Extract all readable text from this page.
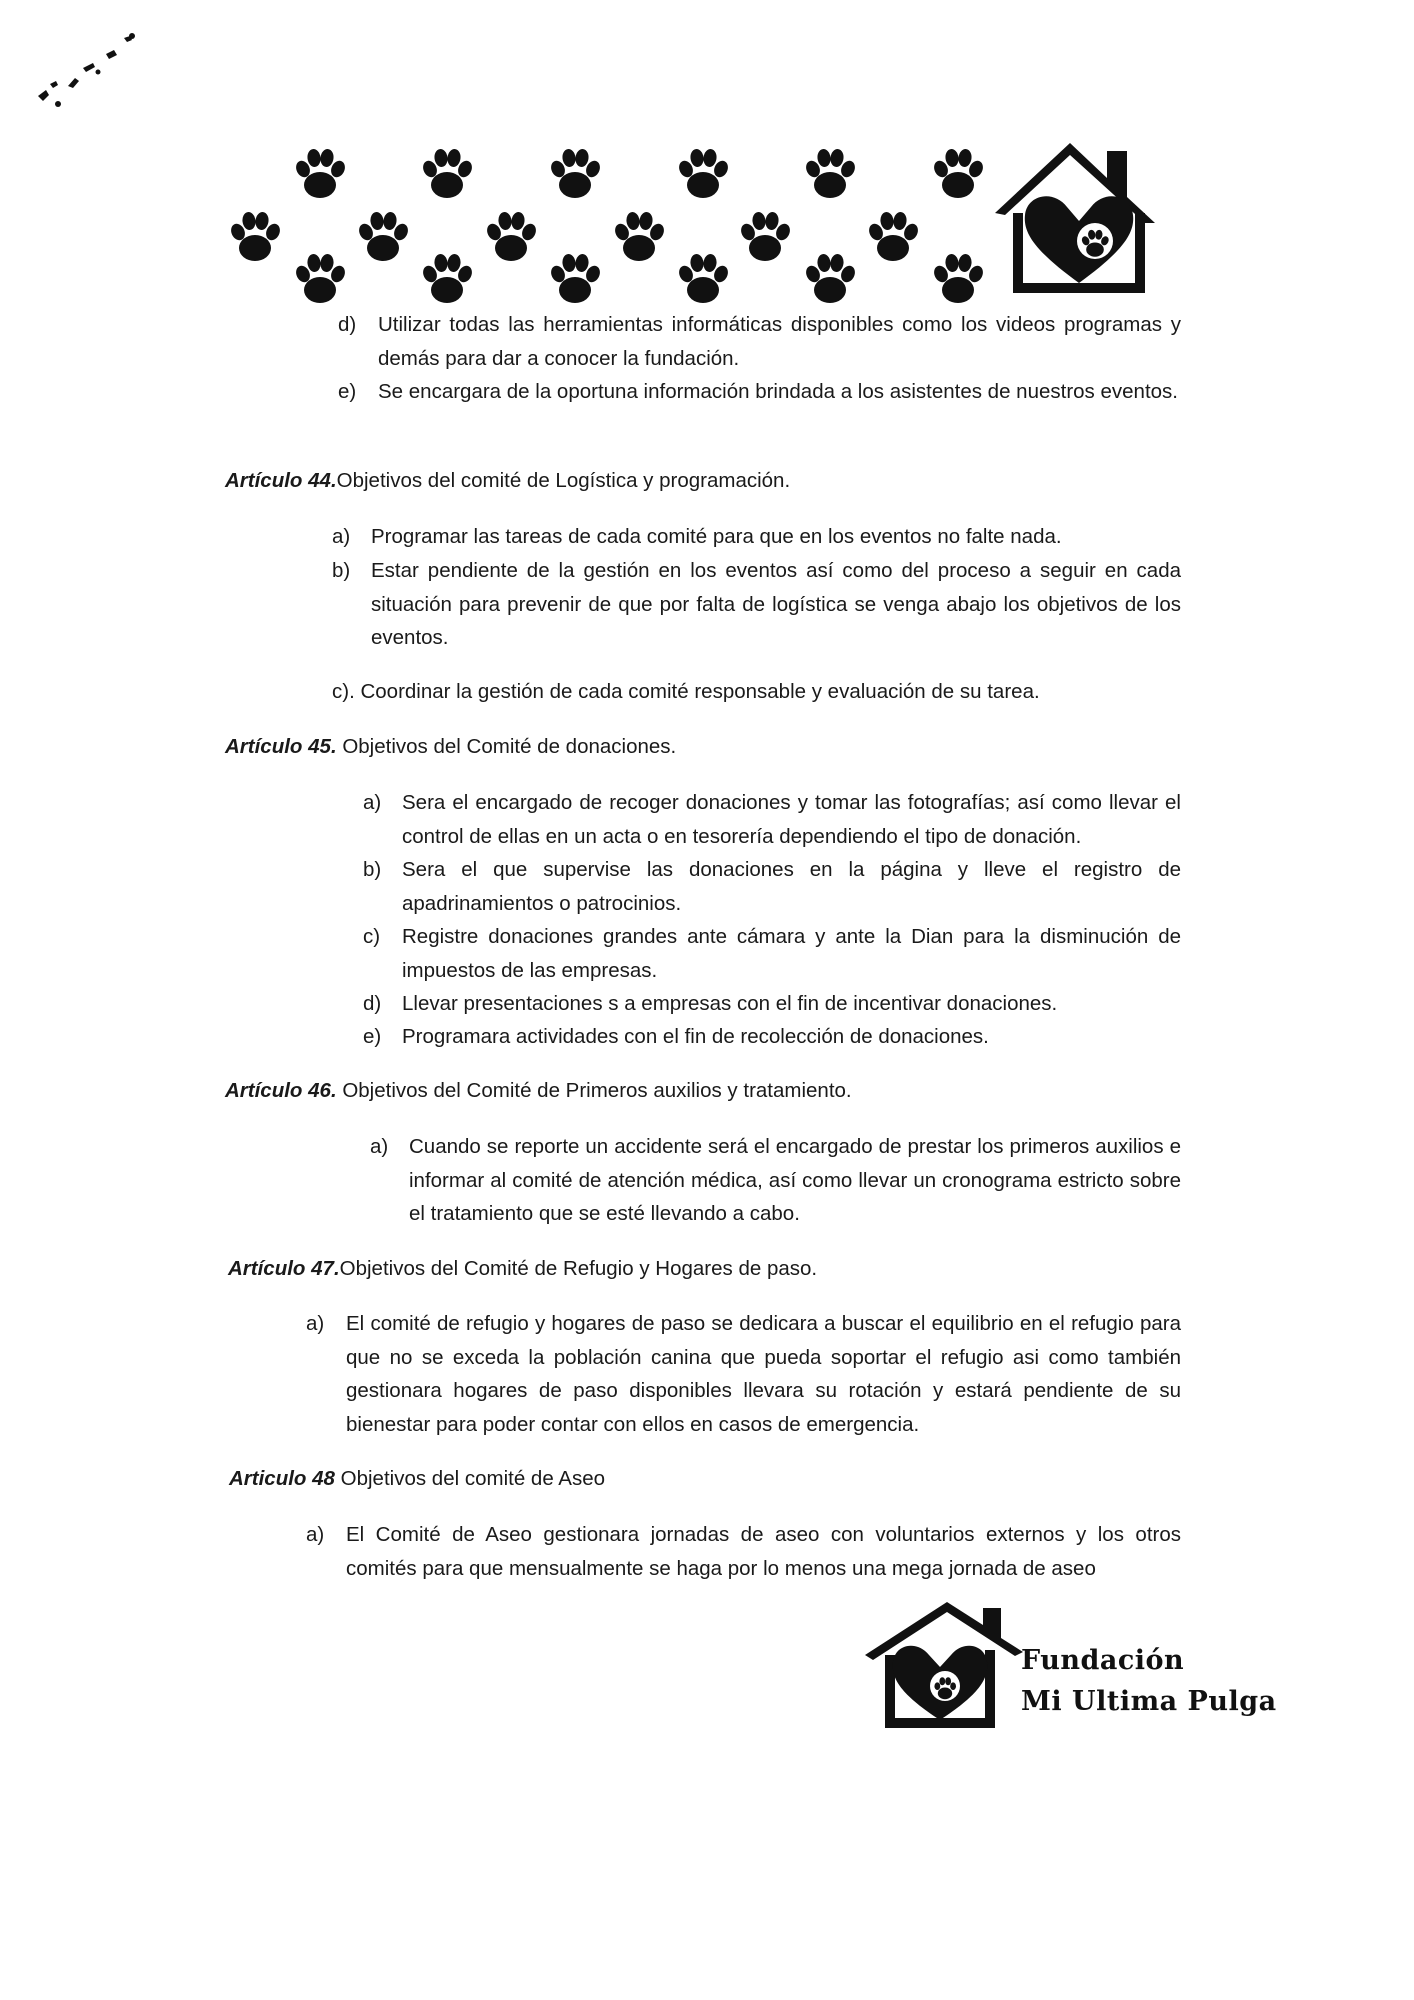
d) Utilizar todas las herramientas informáticas disponibles como los videos programas y demás para dar a conocer la fundación.
e) Se encargara de la oportuna información brindada a los asistentes de nuestros eventos.
Artículo 44.Objetivos del comité de Logística y programación.
a) Programar las tareas de cada comité para que en los eventos no falte nada.
b) Estar pendiente de la gestión en los eventos así como del proceso a seguir en cada situación para prevenir de que por falta de logística se venga abajo los objetivos de los eventos.
c). Coordinar la gestión de cada comité responsable y evaluación de su tarea.
Artículo 45. Objetivos del Comité de donaciones.
a) Sera el encargado de recoger donaciones y tomar las fotografías; así como llevar el control de ellas en un acta o en tesorería dependiendo el tipo de donación.
b) Sera el que supervise las donaciones en la página y lleve el registro de apadrinamientos o patrocinios.
c) Registre donaciones grandes ante cámara y ante la Dian para la disminución de impuestos de las empresas.
d) Llevar presentaciones s a empresas con el fin de incentivar donaciones.
e) Programara actividades con el fin de recolección de donaciones.
Artículo 46. Objetivos del Comité de Primeros auxilios y tratamiento.
a) Cuando se reporte un accidente será el encargado de prestar los primeros auxilios e informar al comité de atención médica, así como llevar un cronograma estricto sobre el tratamiento que se esté llevando a cabo.
Artículo 47.Objetivos del Comité de Refugio y Hogares de paso.
a) El comité de refugio y hogares de paso se dedicara a buscar el equilibrio en el refugio para que no se exceda la población canina que pueda soportar el refugio asi como también gestionara hogares de paso disponibles llevara su rotación y estará pendiente de su bienestar para poder contar con ellos en casos de emergencia.
Articulo 48 Objetivos del comité de Aseo
a) El Comité de Aseo gestionara jornadas de aseo con voluntarios externos y los otros comités para que mensualmente se haga por lo menos una mega jornada de aseo
Fundación
Mi Ultima Pulga
